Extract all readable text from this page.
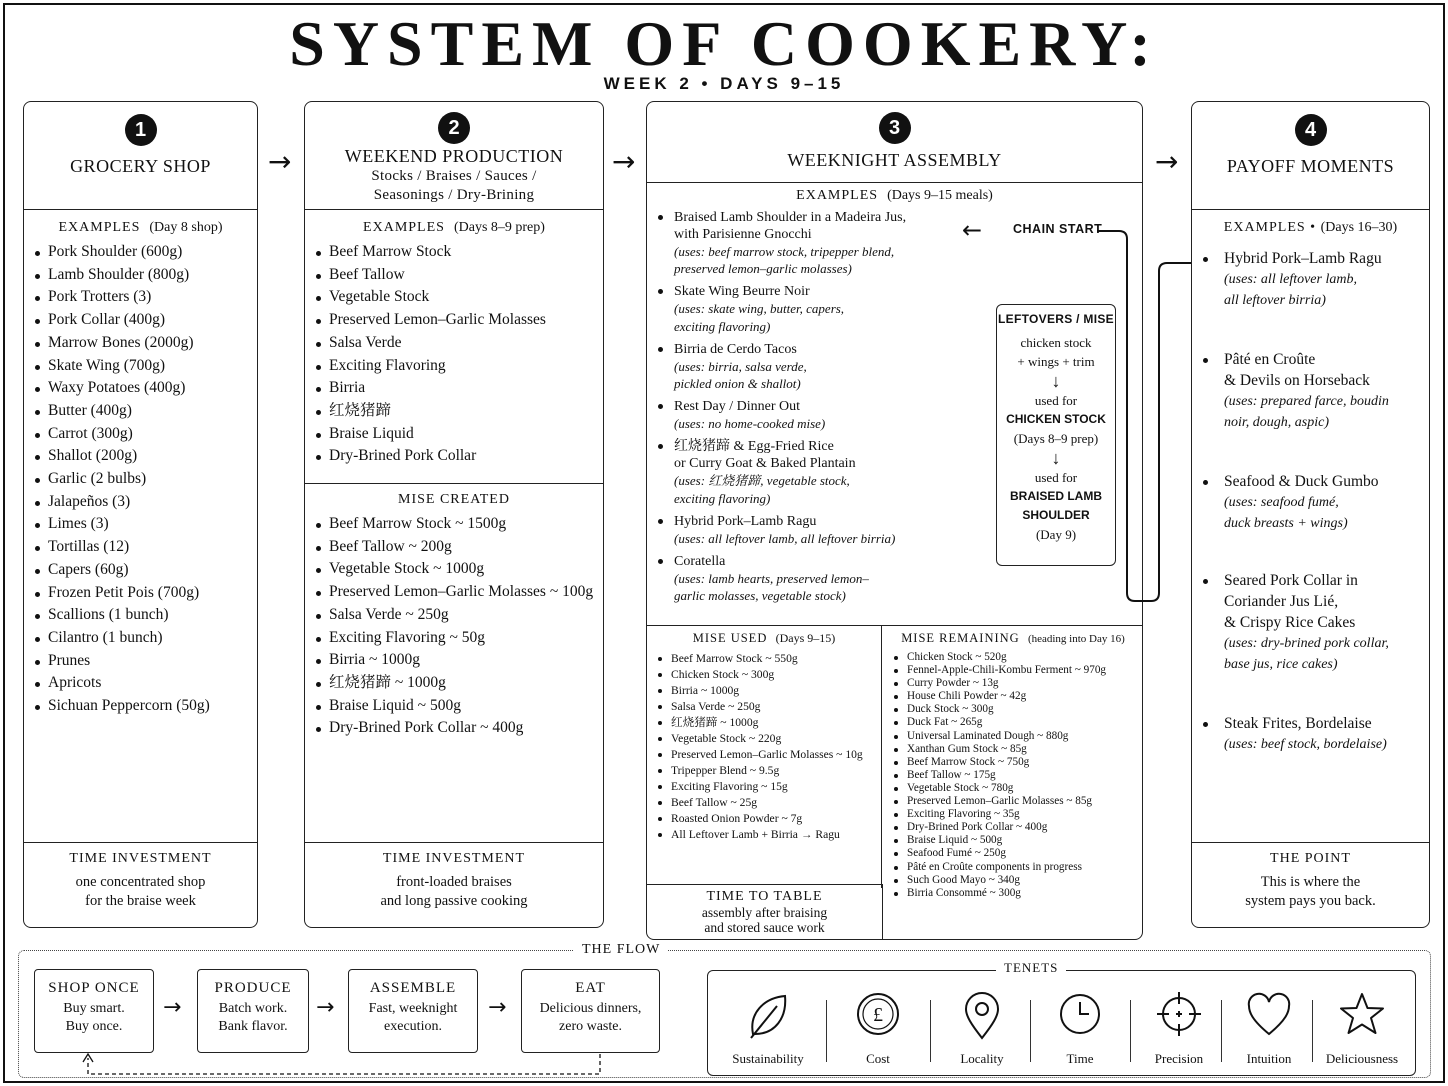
SYSTEM OF COOKERY:
WEEK 2 • DAYS 9–15
1
GROCERY SHOP
EXAMPLES (Day 8 shop)
Pork Shoulder (600g)
Lamb Shoulder (800g)
Pork Trotters (3)
Pork Collar (400g)
Marrow Bones (2000g)
Skate Wing (700g)
Waxy Potatoes (400g)
Butter (400g)
Carrot (300g)
Shallot (200g)
Garlic (2 bulbs)
Jalapeños (3)
Limes (3)
Tortillas (12)
Capers (60g)
Frozen Petit Pois (700g)
Scallions (1 bunch)
Cilantro (1 bunch)
Prunes
Apricots
Sichuan Peppercorn (50g)
TIME INVESTMENT
one concentrated shop
for the braise week
→
2
WEEKEND PRODUCTION
Stocks / Braises / Sauces /
Seasonings / Dry-Brining
EXAMPLES (Days 8–9 prep)
Beef Marrow Stock
Beef Tallow
Vegetable Stock
Preserved Lemon–Garlic Molasses
Salsa Verde
Exciting Flavoring
Birria
红烧猪蹄
Braise Liquid
Dry-Brined Pork Collar
MISE CREATED
Beef Marrow Stock ~ 1500g
Beef Tallow ~ 200g
Vegetable Stock ~ 1000g
Preserved Lemon–Garlic Molasses ~ 100g
Salsa Verde ~ 250g
Exciting Flavoring ~ 50g
Birria ~ 1000g
红烧猪蹄 ~ 1000g
Braise Liquid ~ 500g
Dry-Brined Pork Collar ~ 400g
TIME INVESTMENT
front-loaded braises
and long passive cooking
→
3
WEEKNIGHT ASSEMBLY
EXAMPLES (Days 9–15 meals)
Braised Lamb Shoulder in a Madeira Jus,
with Parisienne Gnocchi
(uses: beef marrow stock, tripepper blend,
preserved lemon–garlic molasses)
Skate Wing Beurre Noir
(uses: skate wing, butter, capers,
exciting flavoring)
Birria de Cerdo Tacos
(uses: birria, salsa verde,
pickled onion & shallot)
Rest Day / Dinner Out
(uses: no home-cooked mise)
红烧猪蹄 & Egg-Fried Rice
or Curry Goat & Baked Plantain
(uses: 红烧猪蹄, vegetable stock,
exciting flavoring)
Hybrid Pork–Lamb Ragu
(uses: all leftover lamb, all leftover birria)
Coratella
(uses: lamb hearts, preserved lemon–
garlic molasses, vegetable stock)
MISE USED (Days 9–15)
Beef Marrow Stock ~ 550g
Chicken Stock ~ 300g
Birria ~ 1000g
Salsa Verde ~ 250g
红烧猪蹄 ~ 1000g
Vegetable Stock ~ 220g
Preserved Lemon–Garlic Molasses ~ 10g
Tripepper Blend ~ 9.5g
Exciting Flavoring ~ 15g
Beef Tallow ~ 25g
Roasted Onion Powder ~ 7g
All Leftover Lamb + Birria → Ragu
MISE REMAINING (heading into Day 16)
Chicken Stock ~ 520g
Fennel-Apple-Chili-Kombu Ferment ~ 970g
Curry Powder ~ 13g
House Chili Powder ~ 42g
Duck Stock ~ 300g
Duck Fat ~ 265g
Universal Laminated Dough ~ 880g
Xanthan Gum Stock ~ 85g
Beef Marrow Stock ~ 750g
Beef Tallow ~ 175g
Vegetable Stock ~ 780g
Preserved Lemon–Garlic Molasses ~ 85g
Exciting Flavoring ~ 35g
Dry-Brined Pork Collar ~ 400g
Braise Liquid ~ 500g
Seafood Fumé ~ 250g
Pâté en Croûte components in progress
Such Good Mayo ~ 340g
Birria Consommé ~ 300g
TIME TO TABLE
assembly after braising
and stored sauce work
← CHAIN START
LEFTOVERS / MISE
chicken stock
+ wings + trim
↓
used for
CHICKEN STOCK
(Days 8–9 prep)
↓
used for
BRAISED LAMB
SHOULDER
(Day 9)
→
4
PAYOFF MOMENTS
EXAMPLES • (Days 16–30)
Hybrid Pork–Lamb Ragu
(uses: all leftover lamb,
all leftover birria)
Pâté en Croûte
& Devils on Horseback
(uses: prepared farce, boudin
noir, dough, aspic)
Seafood & Duck Gumbo
(uses: seafood fumé,
duck breasts + wings)
Seared Pork Collar in
Coriander Jus Lié,
& Crispy Rice Cakes
(uses: dry-brined pork collar,
base jus, rice cakes)
Steak Frites, Bordelaise
(uses: beef stock, bordelaise)
THE POINT
This is where the
system pays you back.
THE FLOW
SHOP ONCE
Buy smart.
Buy once.
→
PRODUCE
Batch work.
Bank flavor.
→
ASSEMBLE
Fast, weeknight
execution.
→
EAT
Delicious dinners,
zero waste.
TENETS
Sustainability
£
Cost	Locality	Time	Precision	Intuition	Deliciousness
